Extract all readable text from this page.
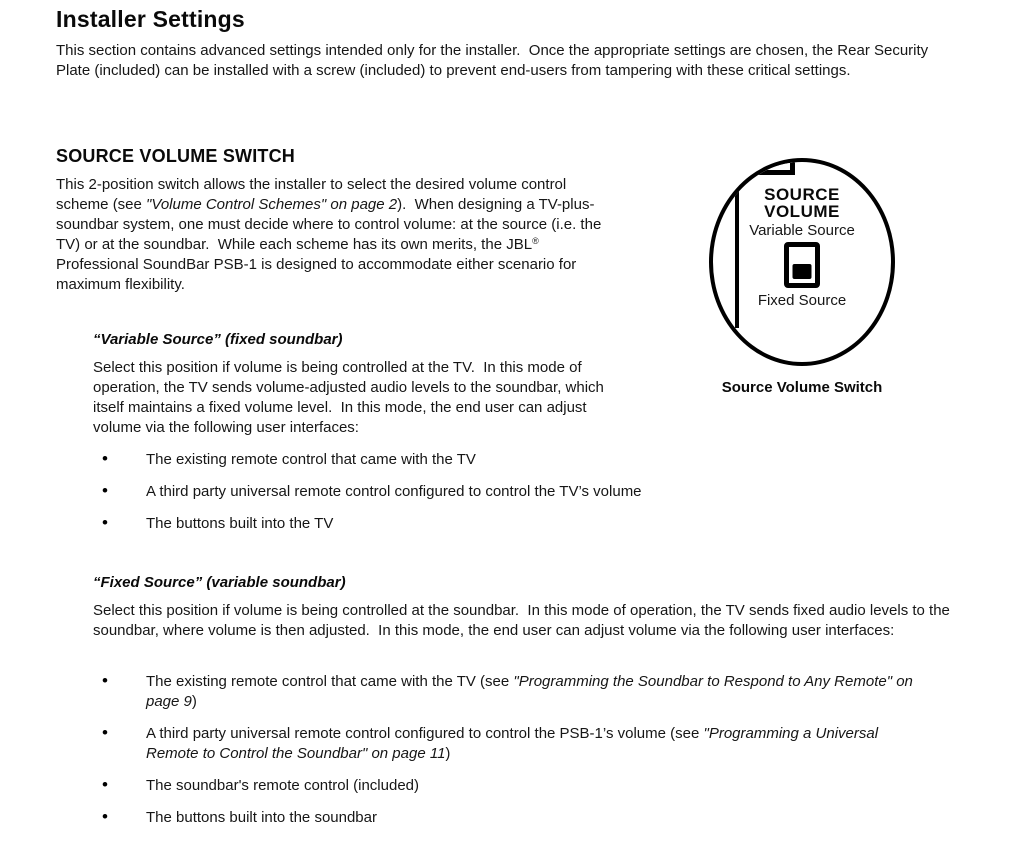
Installer Settings

This section contains advanced settings intended only for the installer.  Once the appropriate settings are chosen, the Rear Security Plate (included) can be installed with a screw (included) to prevent end-users from tampering with these critical settings.

SOURCE VOLUME SWITCH

This 2-position switch allows the installer to select the desired volume control scheme (see "Volume Control Schemes" on page 2).  When designing a TV-plus-soundbar system, one must decide where to control volume: at the source (i.e. the TV) or at the soundbar.  While each scheme has its own merits, the JBL® Professional SoundBar PSB-1 is designed to accommodate either scenario for maximum flexibility.

“Variable Source” (fixed soundbar)

Select this position if volume is being controlled at the TV.  In this mode of operation, the TV sends volume-adjusted audio levels to the soundbar, which itself maintains a fixed volume level.  In this mode, the end user can adjust volume via the following user interfaces:

• The existing remote control that came with the TV
• A third party universal remote control configured to control the TV’s volume
• The buttons built into the TV
“Fixed Source” (variable soundbar)

Select this position if volume is being controlled at the soundbar.  In this mode of operation, the TV sends fixed audio levels to the soundbar, where volume is then adjusted.  In this mode, the end user can adjust volume via the following user interfaces:

• The existing remote control that came with the TV (see "Programming the Soundbar to Respond to Any Remote" on page 9)
• A third party universal remote control configured to control the PSB-1’s volume (see "Programming a Universal Remote to Control the Soundbar" on page 11)
• The soundbar's remote control (included)
• The buttons built into the soundbar
SOURCE
VOLUME
Variable Source
Fixed Source
Source Volume Switch
